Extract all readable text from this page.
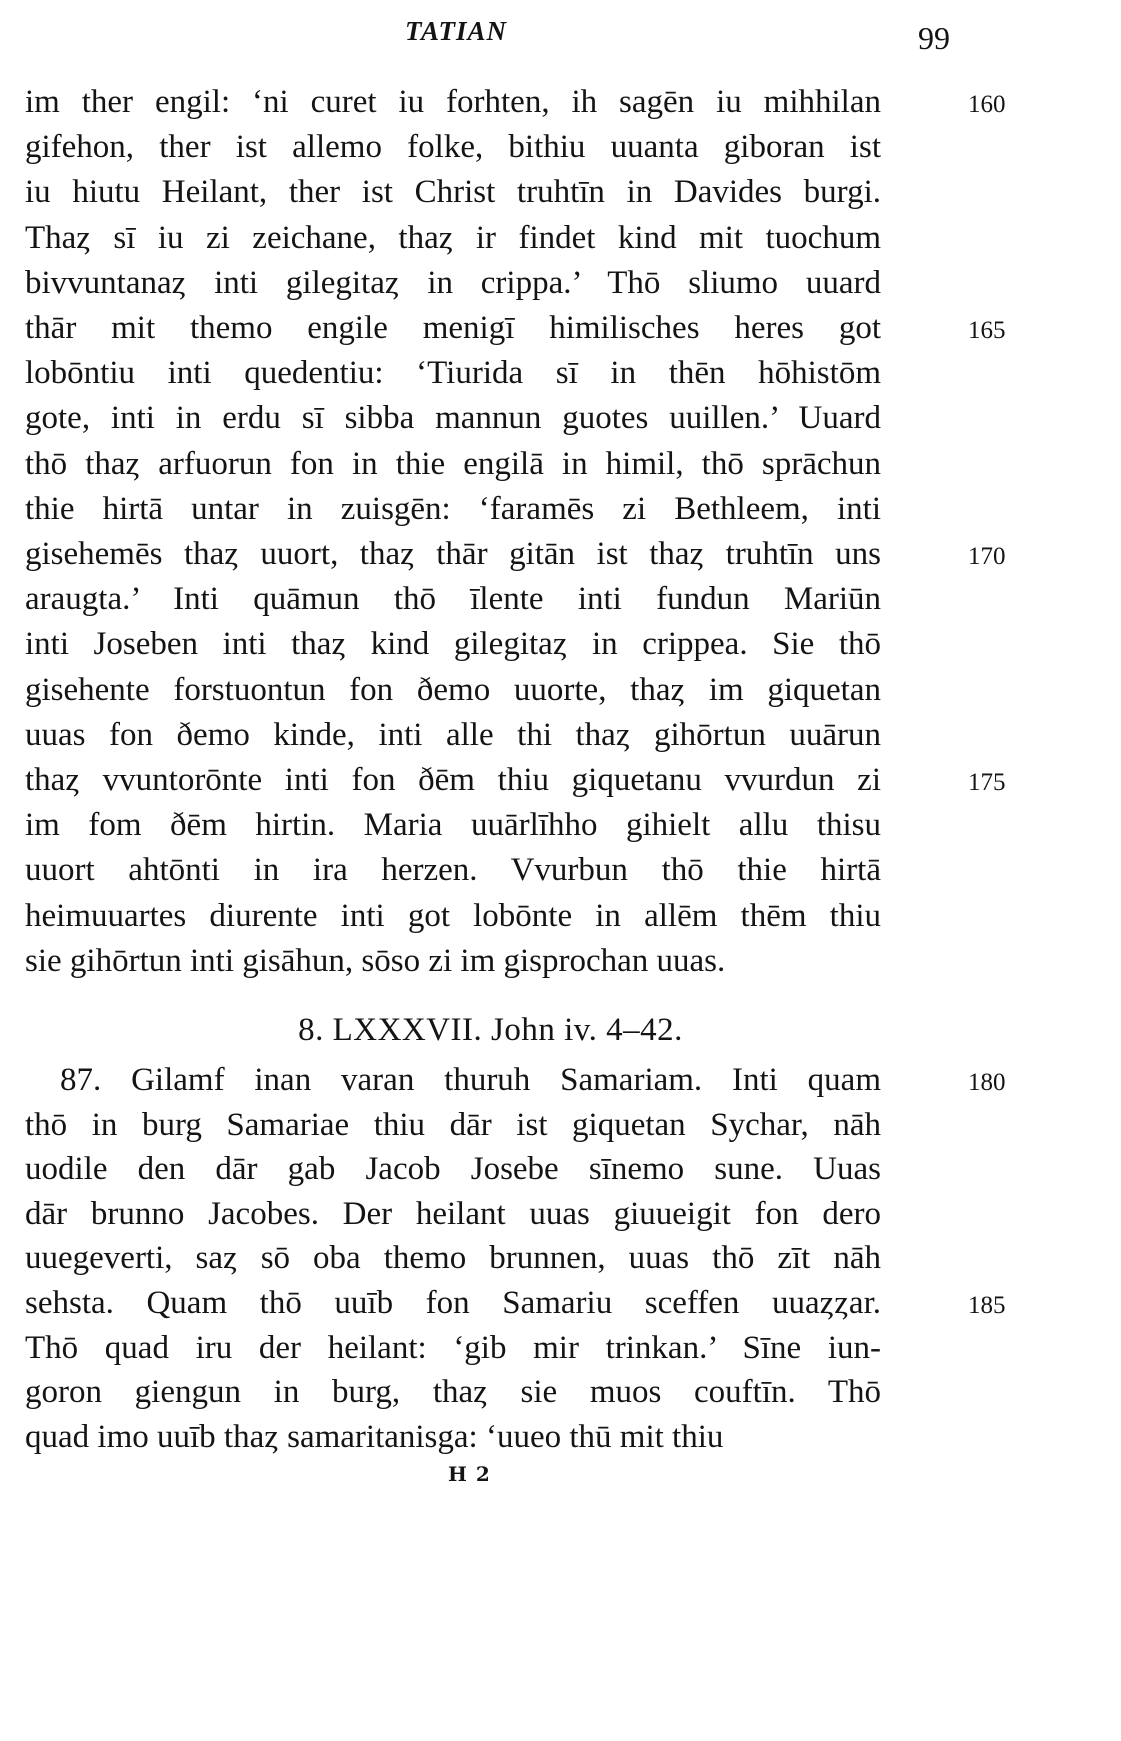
TATIAN	99
im ther engil: ‘ni curet iu forhten, ih sagēn iu mihhilan
gifehon, ther ist allemo folke, bithiu uuanta giboran ist
iu hiutu Heilant, ther ist Christ truhtīn in Davides burgi.
Thaȥ sī iu zi zeichane, thaȥ ir findet kind mit tuochum
bivvuntanaȥ inti gilegitaȥ in crippa.’ Thō sliumo uuard
thār mit themo engile menigī himilisches heres got
lobōntiu inti quedentiu: ‘Tiurida sī in thēn hōhistōm
gote, inti in erdu sī sibba mannun guotes uuillen.’ Uuard
thō thaȥ arfuorun fon in thie engilā in himil, thō sprāchun
thie hirtā untar in zuisgēn: ‘faramēs zi Bethleem, inti
gisehemēs thaȥ uuort, thaȥ thār gitān ist thaȥ truhtīn uns
araugta.’ Inti quāmun thō īlente inti fundun Mariūn
inti Joseben inti thaȥ kind gilegitaȥ in crippea. Sie thō
gisehente forstuontun fon ðemo uuorte, thaȥ im giquetan
uuas fon ðemo kinde, inti alle thi thaȥ gihōrtun uuārun
thaȥ vvuntorōnte inti fon ðēm thiu giquetanu vvurdun zi
im fom ðēm hirtin. Maria uuārlīhho gihielt allu thisu
uuort ahtōnti in ira herzen. Vvurbun thō thie hirtā
heimuuartes diurente inti got lobōnte in allēm thēm thiu
sie gihōrtun inti gisāhun, sōso zi im gisprochan uuas.
160
165
170
175
8. LXXXVII. John iv. 4–42.
87. Gilamf inan varan thuruh Samariam. Inti quam
thō in burg Samariae thiu dār ist giquetan Sychar, nāh
uodile den dār gab Jacob Josebe sīnemo sune. Uuas
dār brunno Jacobes. Der heilant uuas giuueigit fon dero
uuegeverti, saȥ sō oba themo brunnen, uuas thō zīt nāh
sehsta. Quam thō uuīb fon Samariu sceffen uuaȥȥar.
Thō quad iru der heilant: ‘gib mir trinkan.’ Sīne iun-
goron giengun in burg, thaȥ sie muos couftīn. Thō
quad imo uuīb thaȥ samaritanisga: ‘uueo thū mit thiu
180
185
H 2
